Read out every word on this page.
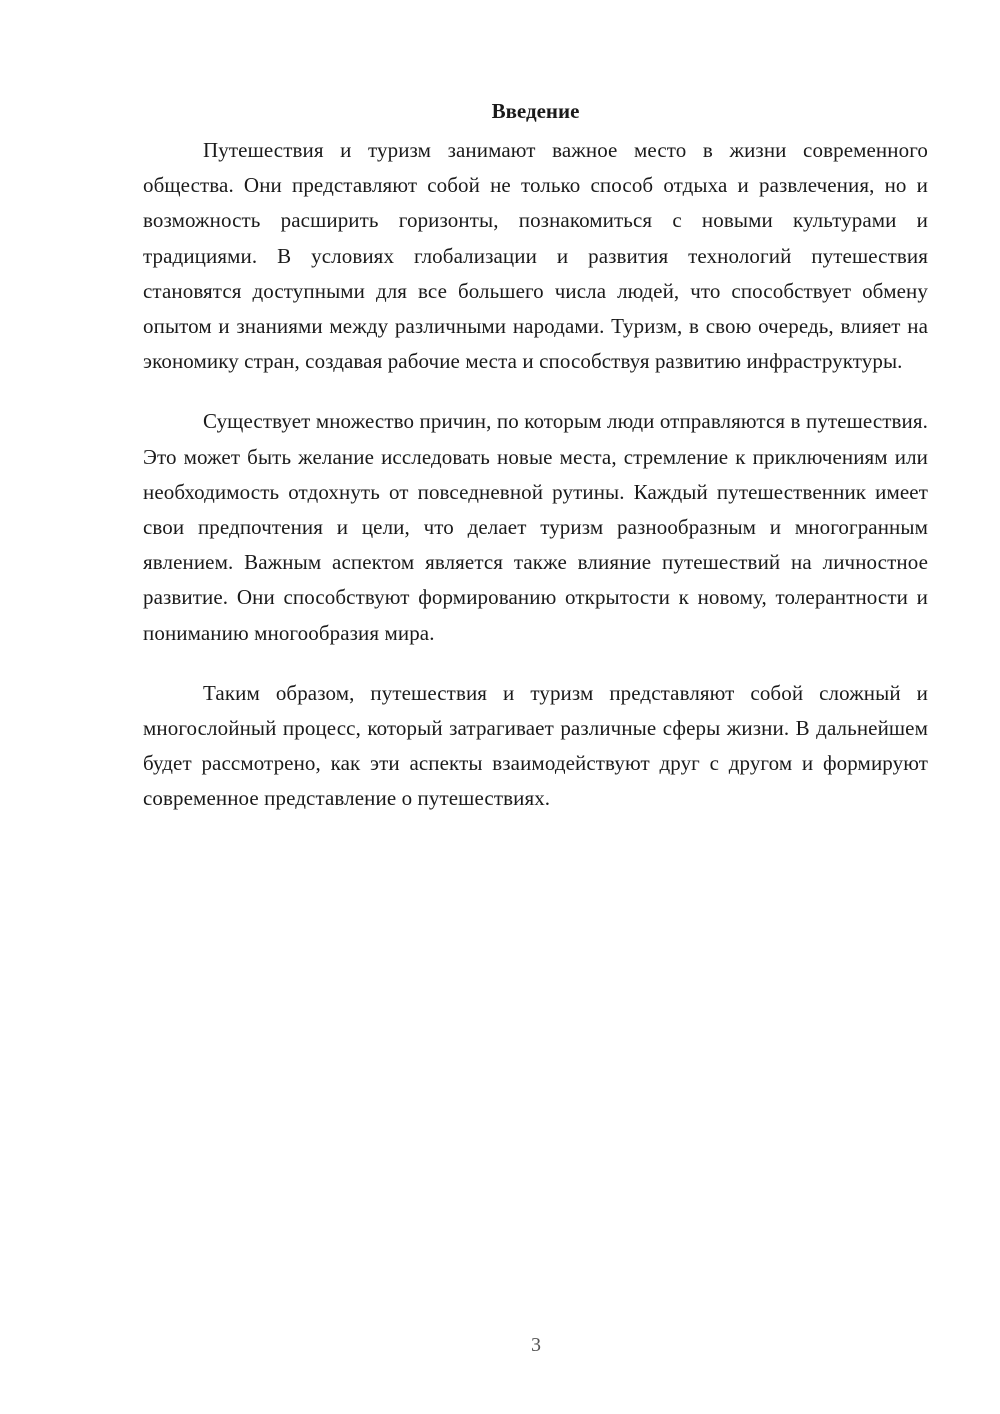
Введение

Путешествия и туризм занимают важное место в жизни современного общества. Они представляют собой не только способ отдыха и развлечения, но и возможность расширить горизонты, познакомиться с новыми культурами и традициями. В условиях глобализации и развития технологий путешествия становятся доступными для все большего числа людей, что способствует обмену опытом и знаниями между различными народами. Туризм, в свою очередь, влияет на экономику стран, создавая рабочие места и способствуя развитию инфраструктуры.

Существует множество причин, по которым люди отправляются в путешествия. Это может быть желание исследовать новые места, стремление к приключениям или необходимость отдохнуть от повседневной рутины. Каждый путешественник имеет свои предпочтения и цели, что делает туризм разнообразным и многогранным явлением. Важным аспектом является также влияние путешествий на личностное развитие. Они способствуют формированию открытости к новому, толерантности и пониманию многообразия мира.

Таким образом, путешествия и туризм представляют собой сложный и многослойный процесс, который затрагивает различные сферы жизни. В дальнейшем будет рассмотрено, как эти аспекты взаимодействуют друг с другом и формируют современное представление о путешествиях.

3
